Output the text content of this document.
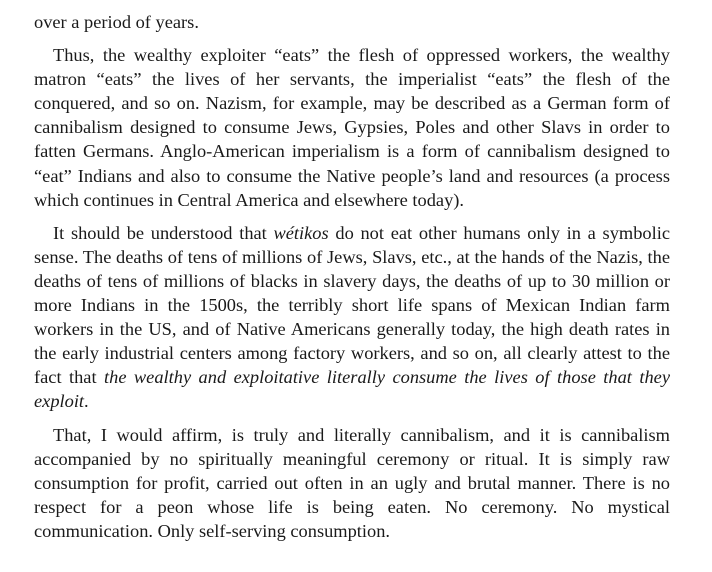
over a period of years.

Thus, the wealthy exploiter “eats” the flesh of oppressed workers, the wealthy matron “eats” the lives of her servants, the imperialist “eats” the flesh of the conquered, and so on. Nazism, for example, may be described as a German form of cannibalism designed to consume Jews, Gypsies, Poles and other Slavs in order to fatten Germans. Anglo-American imperialism is a form of cannibalism designed to “eat” Indians and also to consume the Native people’s land and resources (a process which continues in Central America and elsewhere today).

It should be understood that wétikos do not eat other humans only in a symbolic sense. The deaths of tens of millions of Jews, Slavs, etc., at the hands of the Nazis, the deaths of tens of millions of blacks in slavery days, the deaths of up to 30 million or more Indians in the 1500s, the terribly short life spans of Mexican Indian farm workers in the US, and of Native Americans generally today, the high death rates in the early industrial centers among factory workers, and so on, all clearly attest to the fact that the wealthy and exploitative literally consume the lives of those that they exploit.

That, I would affirm, is truly and literally cannibalism, and it is cannibalism accompanied by no spiritually meaningful ceremony or ritual. It is simply raw consumption for profit, carried out often in an ugly and brutal manner. There is no respect for a peon whose life is being eaten. No ceremony. No mystical communication. Only self-serving consumption.
